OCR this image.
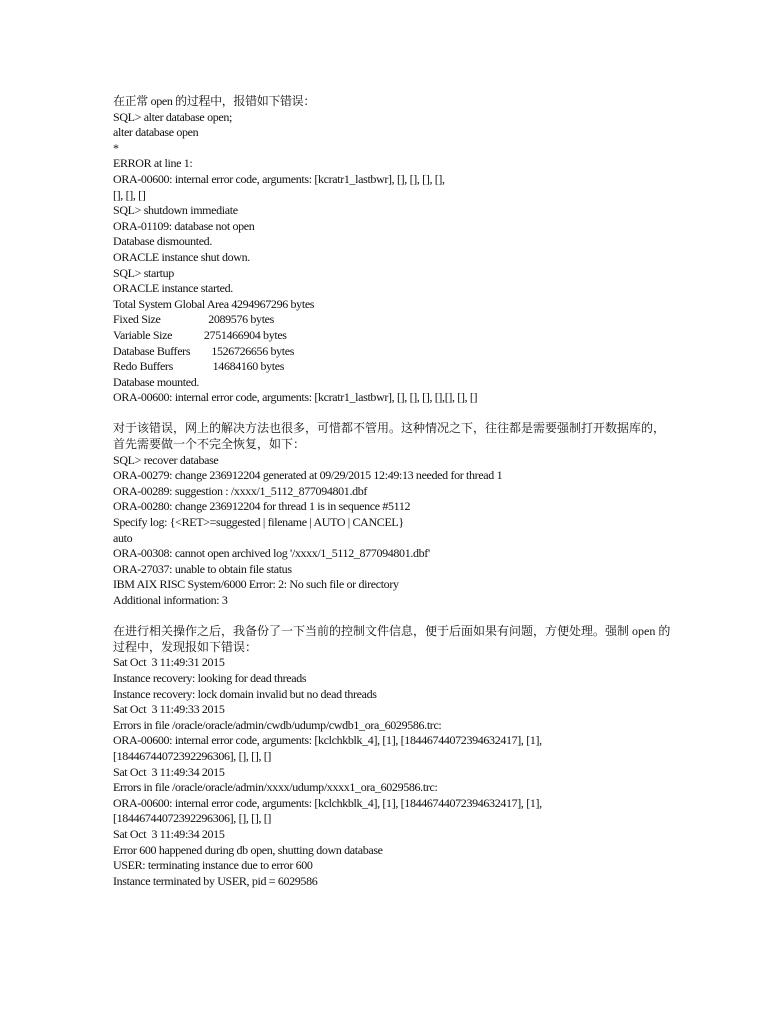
在正常 open 的过程中，报错如下错误：
SQL> alter database open;
alter database open
*
ERROR at line 1:
ORA-00600: internal error code, arguments: [kcratr1_lastbwr], [], [], [], [],
[], [], []
SQL> shutdown immediate
ORA-01109: database not open
Database dismounted.
ORACLE instance shut down.
SQL> startup
ORACLE instance started.
Total System Global Area 4294967296 bytes
Fixed Size                  2089576 bytes
Variable Size            2751466904 bytes
Database Buffers        1526726656 bytes
Redo Buffers               14684160 bytes
Database mounted.
ORA-00600: internal error code, arguments: [kcratr1_lastbwr], [], [], [], [],[], [], []
对于该错误，网上的解决方法也很多，可惜都不管用。这种情况之下，往往都是需要强制打开数据库的，首先需要做一个不完全恢复，如下：
SQL> recover database
ORA-00279: change 236912204 generated at 09/29/2015 12:49:13 needed for thread 1
ORA-00289: suggestion : /xxxx/1_5112_877094801.dbf
ORA-00280: change 236912204 for thread 1 is in sequence #5112
Specify log: {<RET>=suggested | filename | AUTO | CANCEL}
auto
ORA-00308: cannot open archived log '/xxxx/1_5112_877094801.dbf'
ORA-27037: unable to obtain file status
IBM AIX RISC System/6000 Error: 2: No such file or directory
Additional information: 3
在进行相关操作之后，我备份了一下当前的控制文件信息，便于后面如果有问题，方便处理。强制 open 的过程中，发现报如下错误：
Sat Oct  3 11:49:31 2015
Instance recovery: looking for dead threads
Instance recovery: lock domain invalid but no dead threads
Sat Oct  3 11:49:33 2015
Errors in file /oracle/oracle/admin/cwdb/udump/cwdb1_ora_6029586.trc:
ORA-00600: internal error code, arguments: [kclchkblk_4], [1], [18446744072394632417], [1],
[18446744072392296306], [], [], []
Sat Oct  3 11:49:34 2015
Errors in file /oracle/oracle/admin/xxxx/udump/xxxx1_ora_6029586.trc:
ORA-00600: internal error code, arguments: [kclchkblk_4], [1], [18446744072394632417], [1],
[18446744072392296306], [], [], []
Sat Oct  3 11:49:34 2015
Error 600 happened during db open, shutting down database
USER: terminating instance due to error 600
Instance terminated by USER, pid = 6029586
